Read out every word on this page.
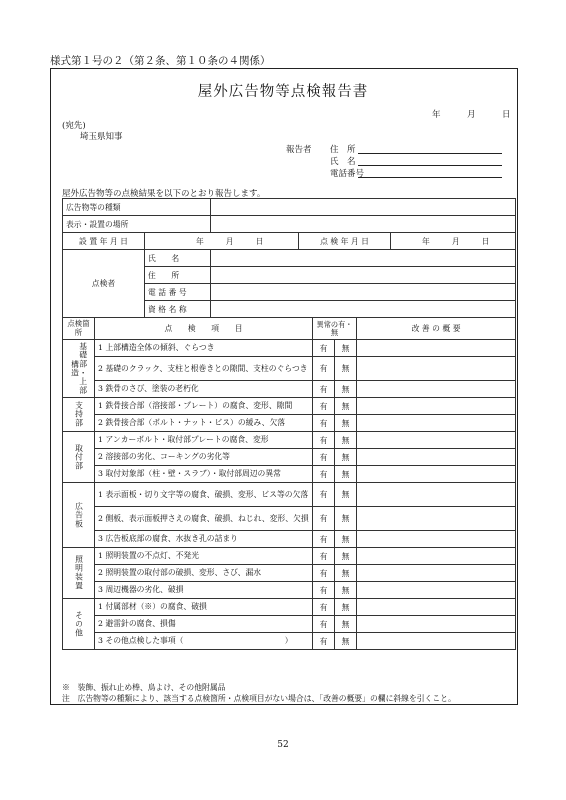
様式第１号の２（第２条、第１０条の４関係）
屋外広告物等点検報告書
年	月	日
(宛先)
埼玉県知事
報告者 住　所
氏　名
電話番号
屋外広告物等の点検結果を以下のとおり報告します。
広告物等の種類								
表示・設置の場所								
設 置 年 月 日		年 月 日		点 検 年 月 日				年 月 日
点検者		氏　　名						
		住　　所						
		電 話 番 号						
		資 格 名 称						
点検箇所	点　　検　　項　　目				異常の有・無		改 善 の 概 要	

基礎部・上部構造	1 上部構造全体の傾斜、ぐらつき				有	無		
	2 基礎のクラック、支柱と根巻きとの隙間、支柱のぐらつき				有	無		
	3 鉄骨のさび、塗装の老朽化				有	無		

支持部	1 鉄骨接合部（溶接部・プレート）の腐食、変形、隙間				有	無		
	2 鉄骨接合部（ボルト・ナット・ビス）の緩み、欠落				有	無		

取付部	1 アンカーボルト・取付部プレートの腐食、変形				有	無		
	2 溶接部の劣化、コーキングの劣化等				有	無		
	3 取付対象部（柱・壁・スラブ）・取付部周辺の異常				有	無		

広告板	1 表示面板・切り文字等の腐食、破損、変形、ビス等の欠落				有	無		
	2 側板、表示面板押さえの腐食、破損、ねじれ、変形、欠損				有	無		
	3 広告板底部の腐食、水抜き孔の詰まり				有	無		

照明装置	1 照明装置の不点灯、不発光				有	無		
	2 照明装置の取付部の破損、変形、さび、漏水				有	無		
	3 周辺機器の劣化、破損				有	無		

その他	1 付属部材（※）の腐食、破損				有	無		
	2 避雷針の腐食、損傷				有	無		
	3 その他点検した事項（　　　　　　　　　　　　　）				有	無		
※　装飾、振れ止め棒、鳥よけ、その他附属品
注　広告物等の種類により、該当する点検箇所・点検項目がない場合は、「改善の概要」の欄に斜線を引くこと。
52
